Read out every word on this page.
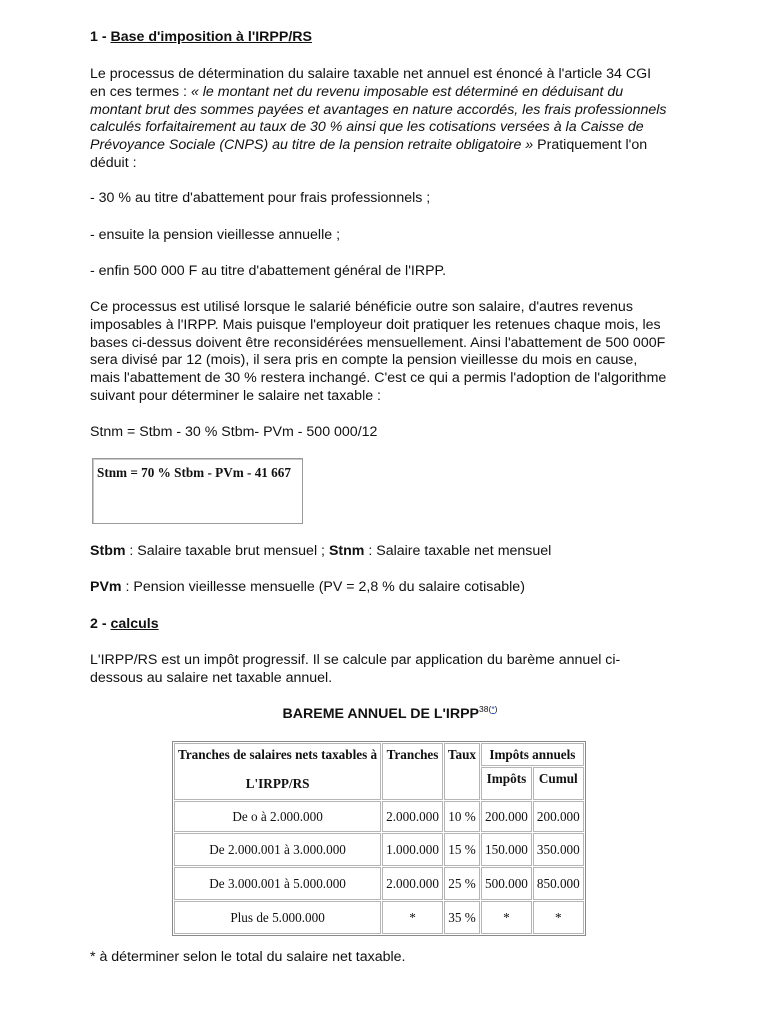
1 - Base d'imposition à l'IRPP/RS

Le processus de détermination du salaire taxable net annuel est énoncé à l'article 34 CGI en ces termes : « le montant net du revenu imposable est déterminé en déduisant du montant brut des sommes payées et avantages en nature accordés, les frais professionnels calculés forfaitairement au taux de 30 % ainsi que les cotisations versées à la Caisse de Prévoyance Sociale (CNPS) au titre de la pension retraite obligatoire » Pratiquement l'on déduit :

- 30 % au titre d'abattement pour frais professionnels ;

- ensuite la pension vieillesse annuelle ;

- enfin 500 000 F au titre d'abattement général de l'IRPP.

Ce processus est utilisé lorsque le salarié bénéficie outre son salaire, d'autres revenus imposables à l'IRPP. Mais puisque l'employeur doit pratiquer les retenues chaque mois, les bases ci-dessus doivent être reconsidérées mensuellement. Ainsi l'abattement de 500 000F sera divisé par 12 (mois), il sera pris en compte la pension vieillesse du mois en cause, mais l'abattement de 30 % restera inchangé. C'est ce qui a permis l'adoption de l'algorithme suivant pour déterminer le salaire net taxable :

Stnm = Stbm - 30 % Stbm- PVm - 500 000/12

Stnm = 70 % Stbm - PVm - 41 667

Stbm : Salaire taxable brut mensuel ; Stnm : Salaire taxable net mensuel

PVm : Pension vieillesse mensuelle (PV = 2,8 % du salaire cotisable)

2 - calculs

L'IRPP/RS est un impôt progressif. Il se calcule par application du barème annuel ci-dessous au salaire net taxable annuel.

BAREME ANNUEL DE $L'IRPP^{38(*)}$
Tranches de salaires nets taxables à
L'IRPP/RS	Tranches	Taux	Impôts annuels	
			Impôts	Cumul
De o à 2.000.000	2.000.000	10 %	200.000	200.000
De 2.000.001 à 3.000.000	1.000.000	15 %	150.000	350.000
De 3.000.001 à 5.000.000	2.000.000	25 %	500.000	850.000
Plus de 5.000.000	*	35 %	*	*

* à déterminer selon le total du salaire net taxable.
